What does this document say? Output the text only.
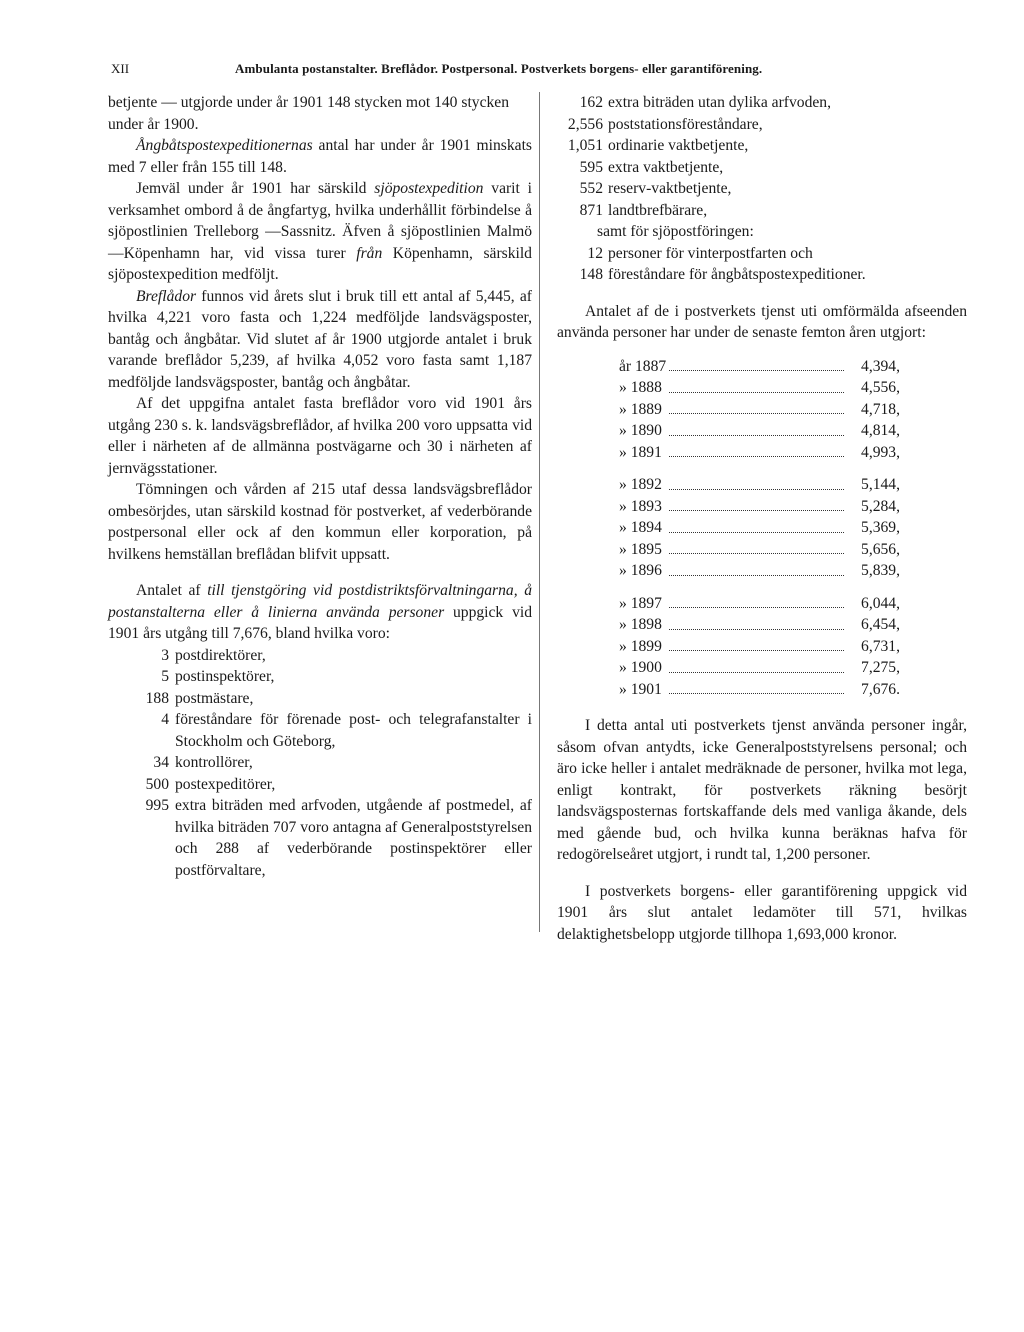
XII	Ambulanta postanstalter. Breflådor. Postpersonal. Postverkets borgens- eller garantiförening.

betjente — utgjorde under år 1901 148 stycken mot 140 stycken under år 1900.

Ångbåtspostexpeditionernas antal har under år 1901 minskats med 7 eller från 155 till 148.

Jemväl under år 1901 har särskild sjöpostexpedition varit i verksamhet ombord å de ångfartyg, hvilka underhållit förbindelse å sjöpostlinien Trelleborg —Sassnitz. Äfven å sjöpostlinien Malmö—Köpenhamn har, vid vissa turer från Köpenhamn, särskild sjöpostexpedition medföljt.

Breflådor funnos vid årets slut i bruk till ett antal af 5,445, af hvilka 4,221 voro fasta och 1,224 medföljde landsvägsposter, bantåg och ångbåtar. Vid slutet af år 1900 utgjorde antalet i bruk varande breflådor 5,239, af hvilka 4,052 voro fasta samt 1,187 medföljde landsvägsposter, bantåg och ångbåtar.

Af det uppgifna antalet fasta breflådor voro vid 1901 års utgång 230 s. k. landsvägsbreflådor, af hvilka 200 voro uppsatta vid eller i närheten af de allmänna postvägarne och 30 i närheten af jernvägsstationer.

Tömningen och vården af 215 utaf dessa landsvägsbreflådor ombesörjdes, utan särskild kostnad för postverket, af vederbörande postpersonal eller ock af den kommun eller korporation, på hvilkens hemställan breflådan blifvit uppsatt.

Antalet af till tjenstgöring vid postdistriktsförvaltningarna, å postanstalterna eller å linierna använda personer uppgick vid 1901 års utgång till 7,676, bland hvilka voro:

3 postdirektörer,
5 postinspektörer,
188 postmästare,
4 föreståndare för förenade post- och telegrafanstalter i Stockholm och Göteborg,
34 kontrollörer,
500 postexpeditörer,
995 extra biträden med arfvoden, utgående af postmedel, af hvilka biträden 707 voro antagna af Generalpoststyrelsen och 288 af vederbörande postinspektörer eller postförvaltare,
162 extra biträden utan dylika arfvoden,
2,556 poststationsföreståndare,
1,051 ordinarie vaktbetjente,
595 extra vaktbetjente,
552 reserv-vaktbetjente,
871 landtbrefbärare,

samt för sjöpostföringen:

12 personer för vinterpostfarten och
148 föreståndare för ångbåtspostexpeditioner.

Antalet af de i postverkets tjenst uti omförmälda afseenden använda personer har under de senaste femton åren utgjort:

år 1887	4,394,
» 1888	4,556,
» 1889	4,718,
» 1890	4,814,
» 1891	4,993,
» 1892	5,144,
» 1893	5,284,
» 1894	5,369,
» 1895	5,656,
» 1896	5,839,
» 1897	6,044,
» 1898	6,454,
» 1899	6,731,
» 1900	7,275,
» 1901	7,676.

I detta antal uti postverkets tjenst använda personer ingår, såsom ofvan antydts, icke Generalpoststyrelsens personal; och äro icke heller i antalet medräknade de personer, hvilka mot lega, enligt kontrakt, för postverkets räkning besörjt landsvägsposternas fortskaffande dels med vanliga åkande, dels med gående bud, och hvilka kunna beräknas hafva för redogörelseåret utgjort, i rundt tal, 1,200 personer.

I postverkets borgens- eller garantiförening uppgick vid 1901 års slut antalet ledamöter till 571, hvilkas delaktighetsbelopp utgjorde tillhopa 1,693,000 kronor.
